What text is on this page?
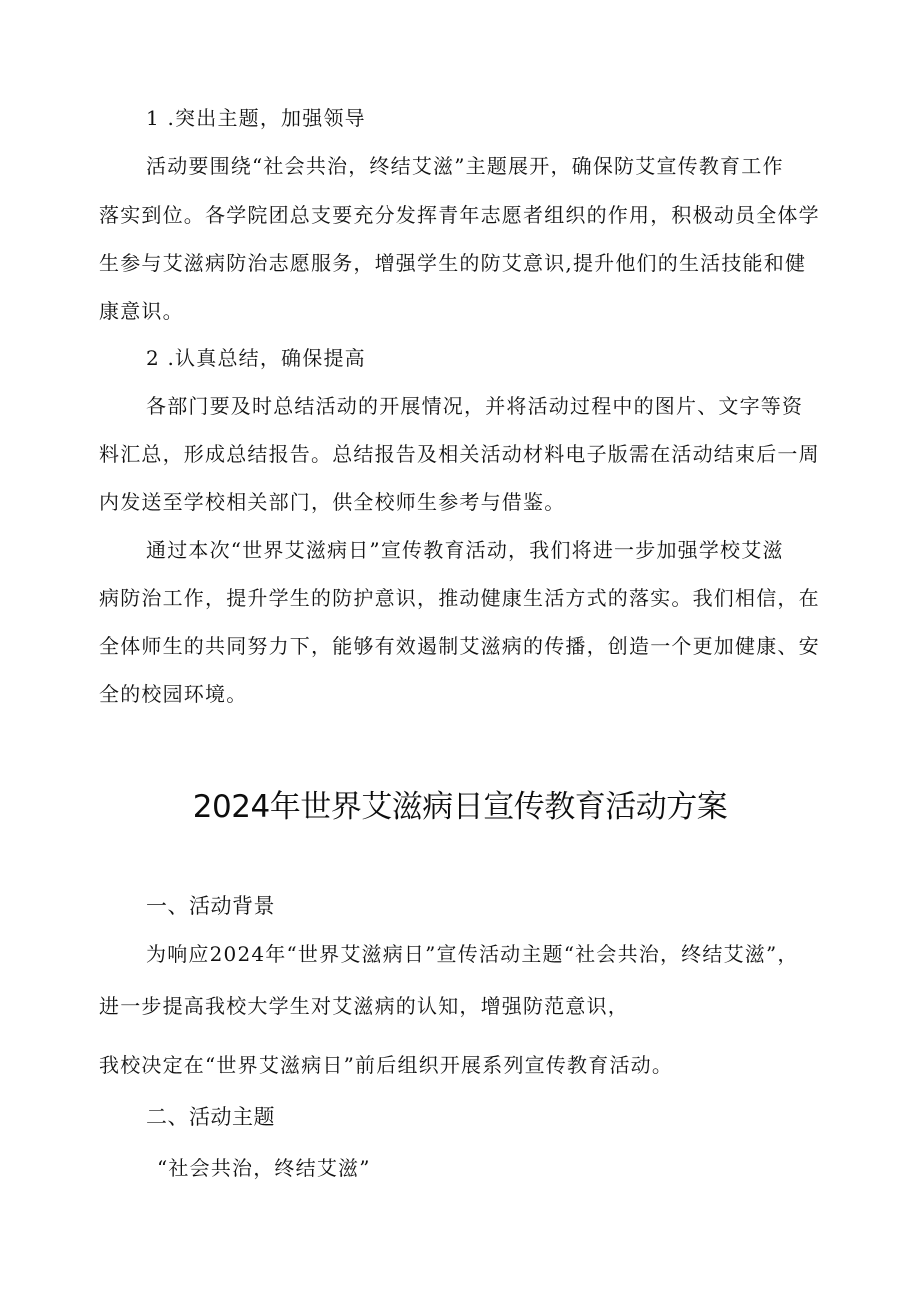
1 .突出主题，加强领导
活动要围绕“社会共治，终结艾滋”主题展开，确保防艾宣传教育工作
落实到位。各学院团总支要充分发挥青年志愿者组织的作用，积极动员全体学
生参与艾滋病防治志愿服务，增强学生的防艾意识,提升他们的生活技能和健
康意识。
2 .认真总结，确保提高
各部门要及时总结活动的开展情况，并将活动过程中的图片、文字等资
料汇总，形成总结报告。总结报告及相关活动材料电子版需在活动结束后一周
内发送至学校相关部门，供全校师生参考与借鉴。
通过本次“世界艾滋病日”宣传教育活动，我们将进一步加强学校艾滋
病防治工作，提升学生的防护意识，推动健康生活方式的落实。我们相信，在
全体师生的共同努力下，能够有效遏制艾滋病的传播，创造一个更加健康、安
全的校园环境。
2024年世界艾滋病日宣传教育活动方案
一、活动背景
为响应2024年“世界艾滋病日”宣传活动主题“社会共治，终结艾滋”，
进一步提高我校大学生对艾滋病的认知，增强防范意识，
我校决定在“世界艾滋病日”前后组织开展系列宣传教育活动。
二、活动主题
“社会共治，终结艾滋”
